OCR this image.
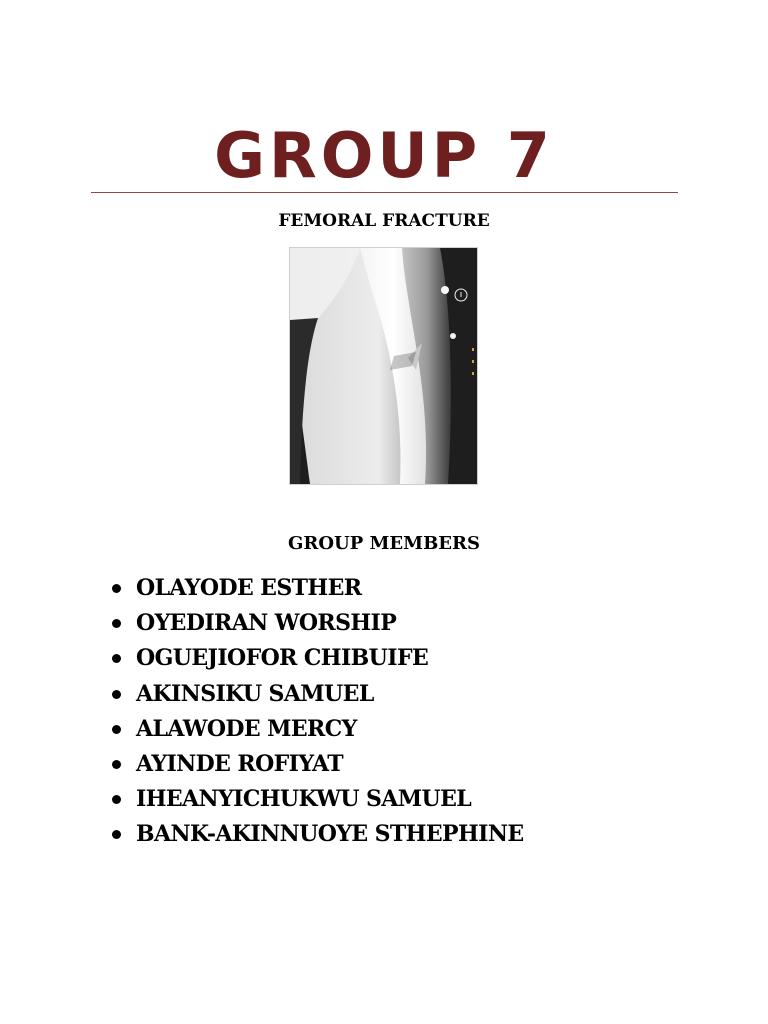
GROUP 7
FEMORAL FRACTURE
GROUP MEMBERS
OLAYODE ESTHER
OYEDIRAN WORSHIP
OGUEJIOFOR CHIBUIFE
AKINSIKU SAMUEL
ALAWODE MERCY
AYINDE ROFIYAT
IHEANYICHUKWU SAMUEL
BANK-AKINNUOYE STHEPHINE
